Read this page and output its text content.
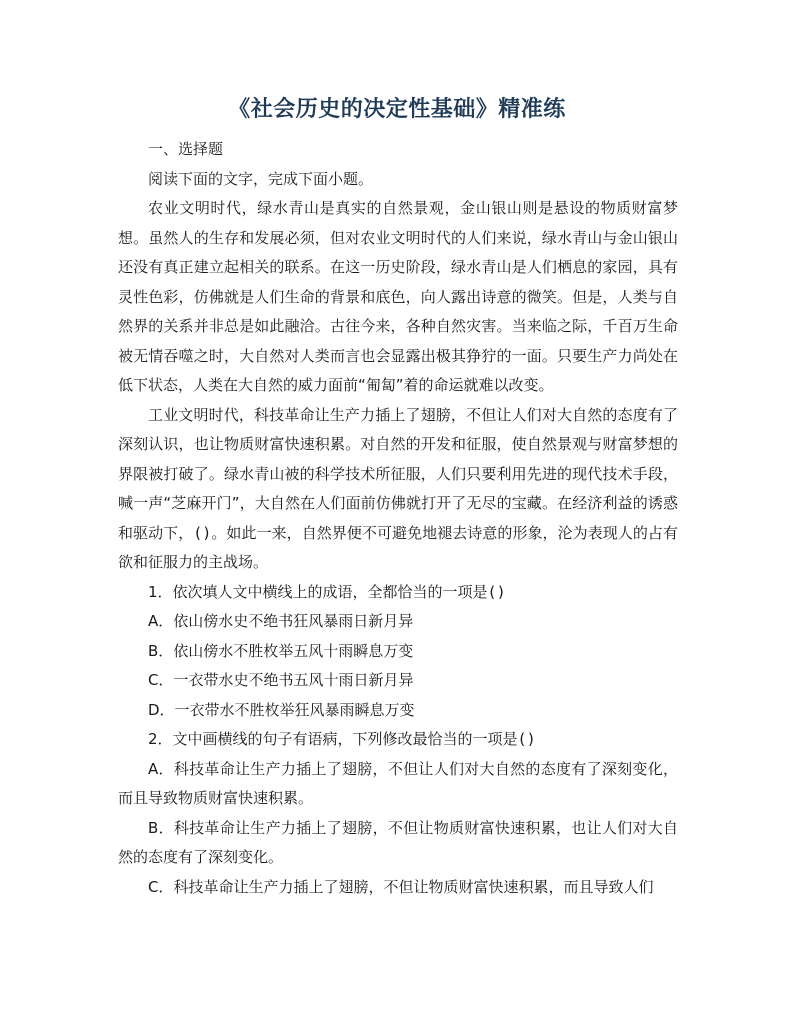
《社会历史的决定性基础》精准练

一、选择题

阅读下面的文字，完成下面小题。

农业文明时代，绿水青山是真实的自然景观，金山银山则是悬设的物质财富梦想。虽然人的生存和发展必须，但对农业文明时代的人们来说，绿水青山与金山银山还没有真正建立起相关的联系。在这一历史阶段，绿水青山是人们栖息的家园，具有灵性色彩，仿佛就是人们生命的背景和底色，向人露出诗意的微笑。但是，人类与自然界的关系并非总是如此融洽。古往今来，各种自然灾害。当来临之际，千百万生命被无情吞噬之时，大自然对人类而言也会显露出极其狰狞的一面。只要生产力尚处在低下状态，人类在大自然的威力面前“匍匐”着的命运就难以改变。

工业文明时代，科技革命让生产力插上了翅膀，不但让人们对大自然的态度有了深刻认识，也让物质财富快速积累。对自然的开发和征服，使自然景观与财富梦想的界限被打破了。绿水青山被的科学技术所征服，人们只要利用先进的现代技术手段，喊一声“芝麻开门”，大自然在人们面前仿佛就打开了无尽的宝藏。在经济利益的诱惑和驱动下，()。如此一来，自然界便不可避免地褪去诗意的形象，沦为表现人的占有欲和征服力的主战场。

1．依次填人文中横线上的成语，全都恰当的一项是()

A．依山傍水史不绝书狂风暴雨日新月异

B．依山傍水不胜枚举五风十雨瞬息万变

C．一衣带水史不绝书五风十雨日新月异

D．一衣带水不胜枚举狂风暴雨瞬息万变

2．文中画横线的句子有语病，下列修改最恰当的一项是()

A．科技革命让生产力插上了翅膀，不但让人们对大自然的态度有了深刻变化，而且导致物质财富快速积累。

B．科技革命让生产力插上了翅膀，不但让物质财富快速积累，也让人们对大自然的态度有了深刻变化。

C．科技革命让生产力插上了翅膀，不但让物质财富快速积累，而且导致人们
